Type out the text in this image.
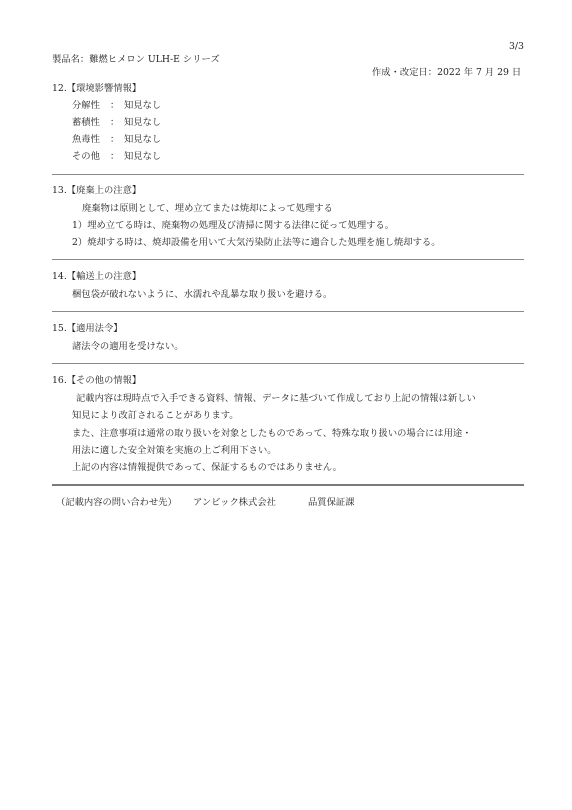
3/3
製品名：難燃ヒメロン ULH-E シリーズ
作成・改定日：2022 年 7 月 29 日
12.【環境影響情報】
分解性 ： 知見なし
蓄積性 ： 知見なし
魚毒性 ： 知見なし
その他 ： 知見なし
13.【廃棄上の注意】
廃棄物は原則として、埋め立てまたは焼却によって処理する
1）埋め立てる時は、廃棄物の処理及び清掃に関する法律に従って処理する。
2）焼却する時は、焼却設備を用いて大気汚染防止法等に適合した処理を施し焼却する。
14.【輸送上の注意】
梱包袋が破れないように、水濡れや乱暴な取り扱いを避ける。
15.【適用法令】
諸法令の適用を受けない。
16.【その他の情報】
記載内容は現時点で入手できる資料、情報、データに基づいて作成しており上記の情報は新しい
知見により改訂されることがあります。
また、注意事項は通常の取り扱いを対象としたものであって、特殊な取り扱いの場合には用途・
用法に適した安全対策を実施の上ご利用下さい。
上記の内容は情報提供であって、保証するものではありません。
（記載内容の問い合わせ先） アンビック株式会社	品質保証課
